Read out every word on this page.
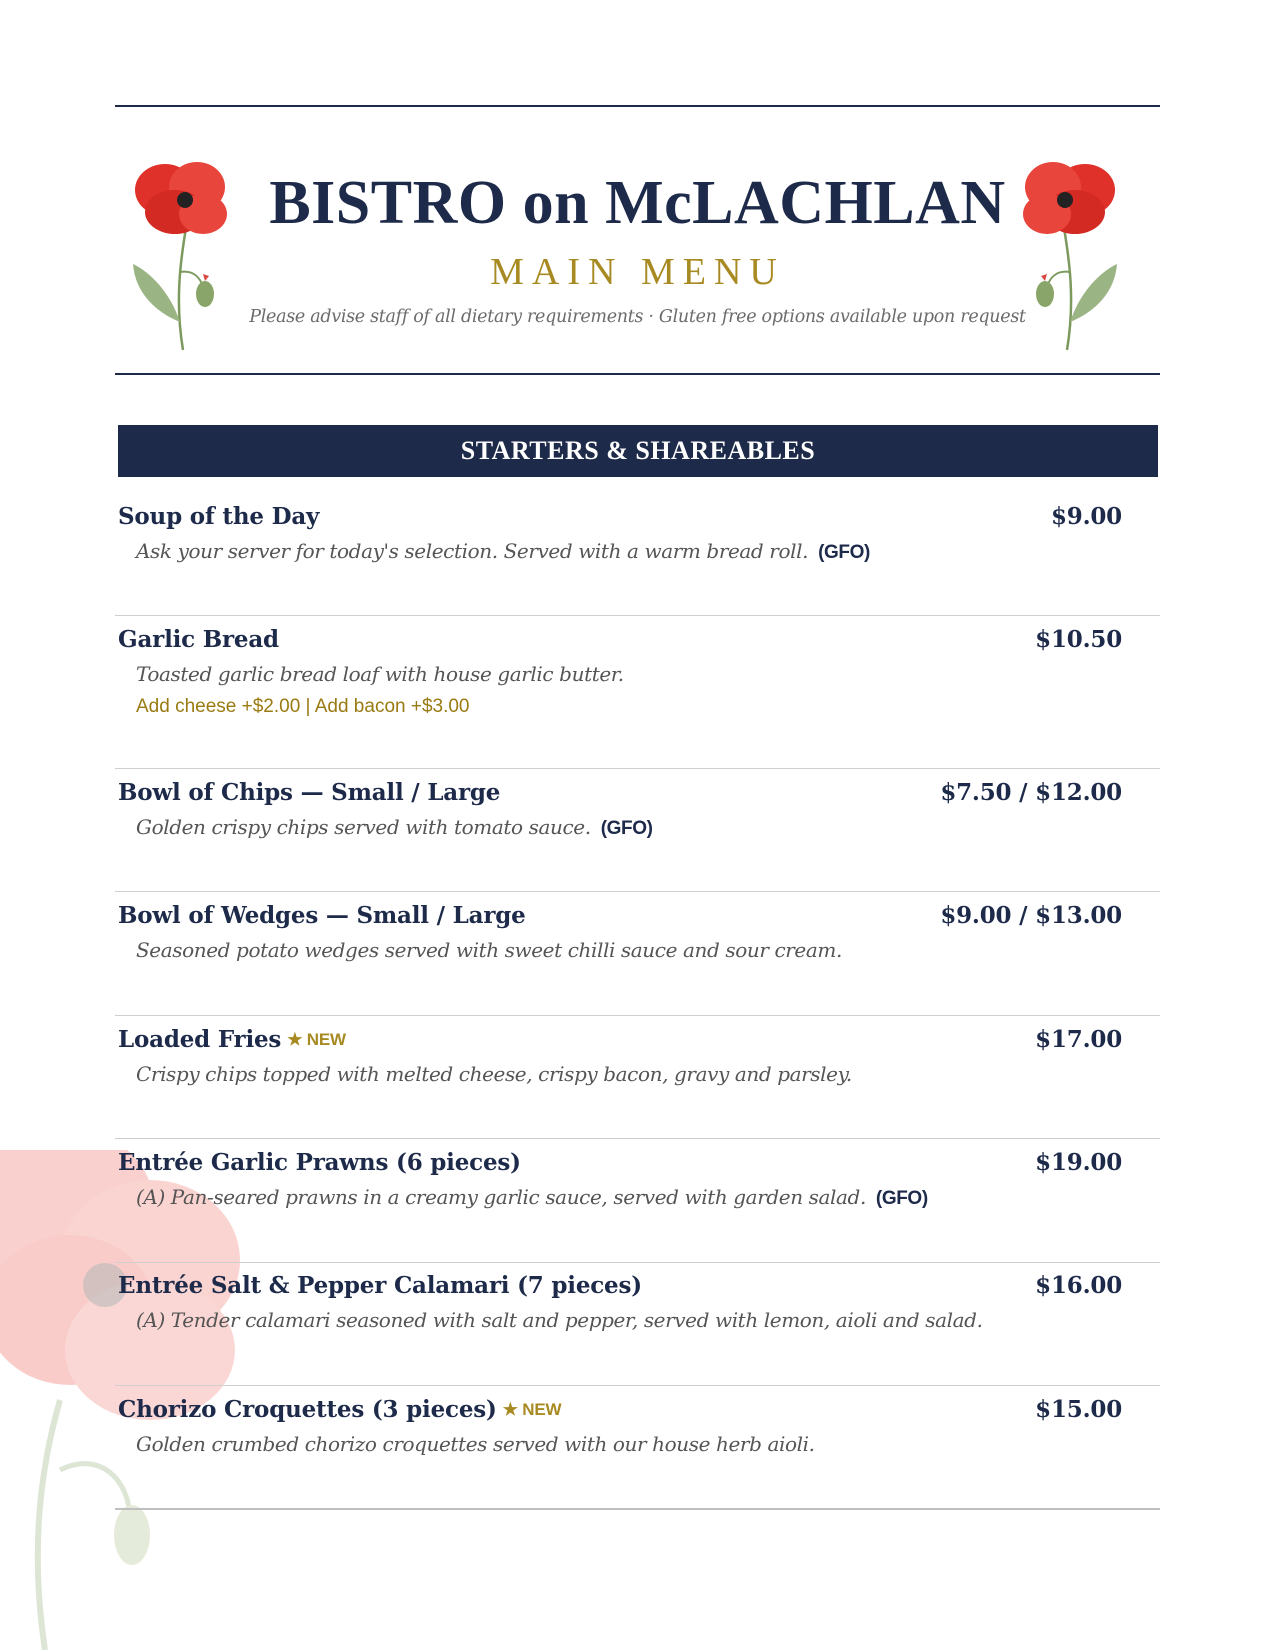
BISTRO on McLACHLAN
MAIN MENU
Please advise staff of all dietary requirements · Gluten free options available upon request
STARTERS & SHAREABLES
Soup of the Day	$9.00
Ask your server for today's selection. Served with a warm bread roll. (GFO)
Garlic Bread	$10.50
Toasted garlic bread loaf with house garlic butter.
Add cheese +$2.00 | Add bacon +$3.00
Bowl of Chips — Small / Large	$7.50 / $12.00
Golden crispy chips served with tomato sauce. (GFO)
Bowl of Wedges — Small / Large	$9.00 / $13.00
Seasoned potato wedges served with sweet chilli sauce and sour cream.
Loaded Fries ★ NEW	$17.00
Crispy chips topped with melted cheese, crispy bacon, gravy and parsley.
Entrée Garlic Prawns (6 pieces)	$19.00
(A) Pan-seared prawns in a creamy garlic sauce, served with garden salad. (GFO)
Entrée Salt & Pepper Calamari (7 pieces)	$16.00
(A) Tender calamari seasoned with salt and pepper, served with lemon, aioli and salad.
Chorizo Croquettes (3 pieces) ★ NEW	$15.00
Golden crumbed chorizo croquettes served with our house herb aioli.
